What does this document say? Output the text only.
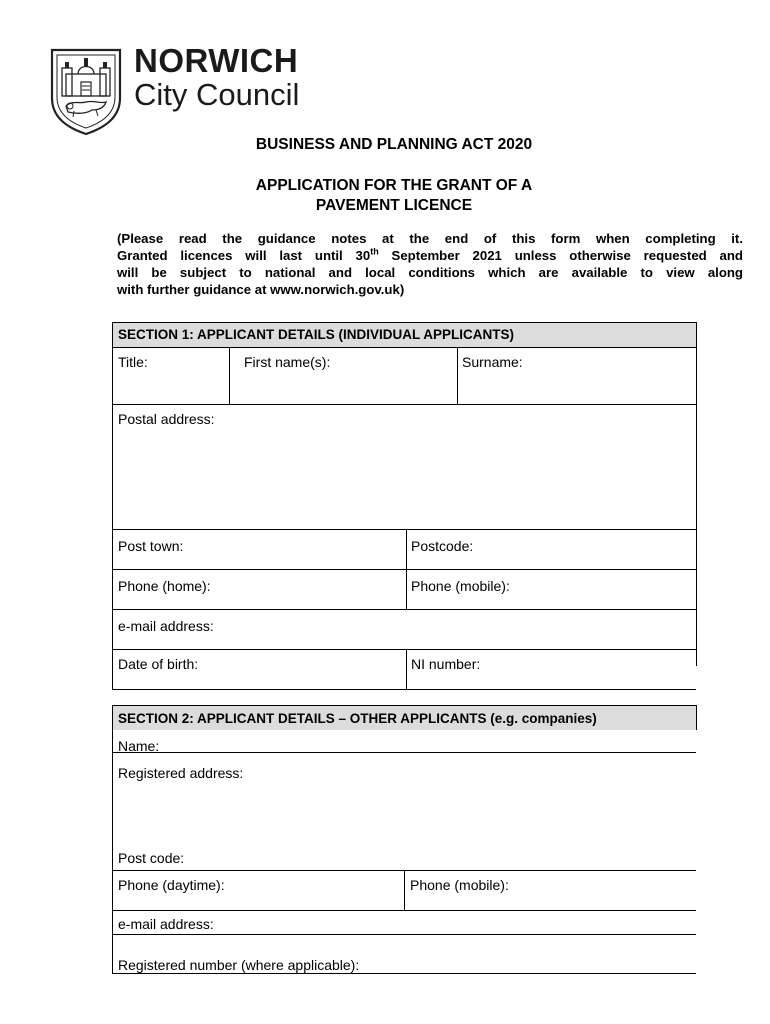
NORWICH
City Council
BUSINESS AND PLANNING ACT 2020
APPLICATION FOR THE GRANT OF A
PAVEMENT LICENCE
(Please read the guidance notes at the end of this form when completing it.
Granted licences will last until 30th September 2021 unless otherwise requested and
will be subject to national and local conditions which are available to view along
with further guidance at www.norwich.gov.uk)
SECTION 1: APPLICANT DETAILS (INDIVIDUAL APPLICANTS)
Title:	First name(s):	Surname:
Postal address:
Post town:	Postcode:
Phone (home):	Phone (mobile):
e-mail address:
Date of birth:	NI number:
SECTION 2: APPLICANT DETAILS – OTHER APPLICANTS (e.g. companies)
Name:
Registered address:
Post code:
Phone (daytime):	Phone (mobile):
e-mail address:
Registered number (where applicable):
